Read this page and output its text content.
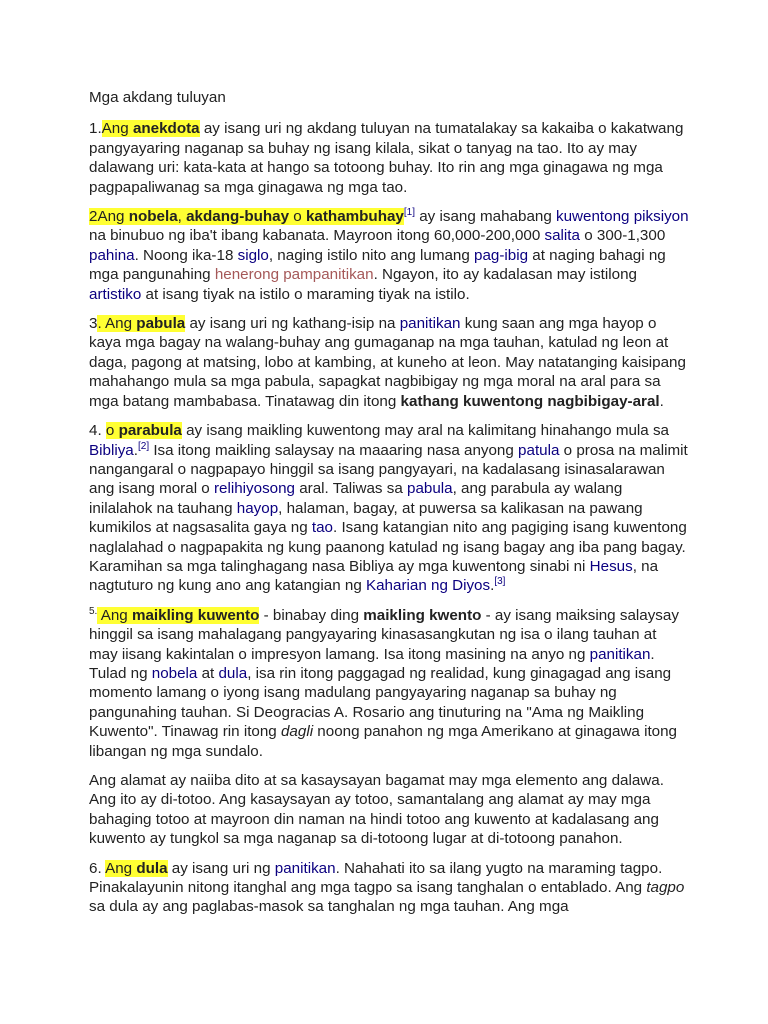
Mga akdang tuluyan

1.Ang anekdota ay isang uri ng akdang tuluyan na tumatalakay sa kakaiba o kakatwang pangyayaring naganap sa buhay ng isang kilala, sikat o tanyag na tao. Ito ay may dalawang uri: kata-kata at hango sa totoong buhay. Ito rin ang mga ginagawa ng mga pagpapaliwanag sa mga ginagawa ng mga tao.

2Ang nobela, akdang-buhay o kathambuhay[1] ay isang mahabang kuwentong piksiyon na binubuo ng iba't ibang kabanata. Mayroon itong 60,000-200,000 salita o 300-1,300 pahina. Noong ika-18 siglo, naging istilo nito ang lumang pag-ibig at naging bahagi ng mga pangunahing henerong pampanitikan. Ngayon, ito ay kadalasan may istilong artistiko at isang tiyak na istilo o maraming tiyak na istilo.

3. Ang pabula ay isang uri ng kathang-isip na panitikan kung saan ang mga hayop o kaya mga bagay na walang-buhay ang gumaganap na mga tauhan, katulad ng leon at daga, pagong at matsing, lobo at kambing, at kuneho at leon. May natatanging kaisipang mahahango mula sa mga pabula, sapagkat nagbibigay ng mga moral na aral para sa mga batang mambabasa. Tinatawag din itong kathang kuwentong nagbibigay-aral.

4. o parabula ay isang maikling kuwentong may aral na kalimitang hinahango mula sa Bibliya.[2] Isa itong maikling salaysay na maaaring nasa anyong patula o prosa na malimit nangangaral o nagpapayo hinggil sa isang pangyayari, na kadalasang isinasalarawan ang isang moral o relihiyosong aral. Taliwas sa pabula, ang parabula ay walang inilalahok na tauhang hayop, halaman, bagay, at puwersa sa kalikasan na pawang kumikilos at nagsasalita gaya ng tao. Isang katangian nito ang pagiging isang kuwentong naglalahad o nagpapakita ng kung paanong katulad ng isang bagay ang iba pang bagay. Karamihan sa mga talinghagang nasa Bibliya ay mga kuwentong sinabi ni Hesus, na nagtuturo ng kung ano ang katangian ng Kaharian ng Diyos.[3]

$^{5.}$ Ang maikling kuwento - binabay ding maikling kwento - ay isang maiksing salaysay hinggil sa isang mahalagang pangyayaring kinasasangkutan ng isa o ilang tauhan at may iisang kakintalan o impresyon lamang. Isa itong masining na anyo ng panitikan. Tulad ng nobela at dula, isa rin itong paggagad ng realidad, kung ginagagad ang isang momento lamang o iyong isang madulang pangyayaring naganap sa buhay ng pangunahing tauhan. Si Deogracias A. Rosario ang tinuturing na "Ama ng Maikling Kuwento". Tinawag rin itong dagli noong panahon ng mga Amerikano at ginagawa itong libangan ng mga sundalo.

Ang alamat ay naiiba dito at sa kasaysayan bagamat may mga elemento ang dalawa. Ang ito ay di-totoo. Ang kasaysayan ay totoo, samantalang ang alamat ay may mga bahaging totoo at mayroon din naman na hindi totoo ang kuwento at kadalasang ang kuwento ay tungkol sa mga naganap sa di-totoong lugar at di-totoong panahon.

6. Ang dula ay isang uri ng panitikan. Nahahati ito sa ilang yugto na maraming tagpo. Pinakalayunin nitong itanghal ang mga tagpo sa isang tanghalan o entablado. Ang tagpo sa dula ay ang paglabas-masok sa tanghalan ng mga tauhan. Ang mga
